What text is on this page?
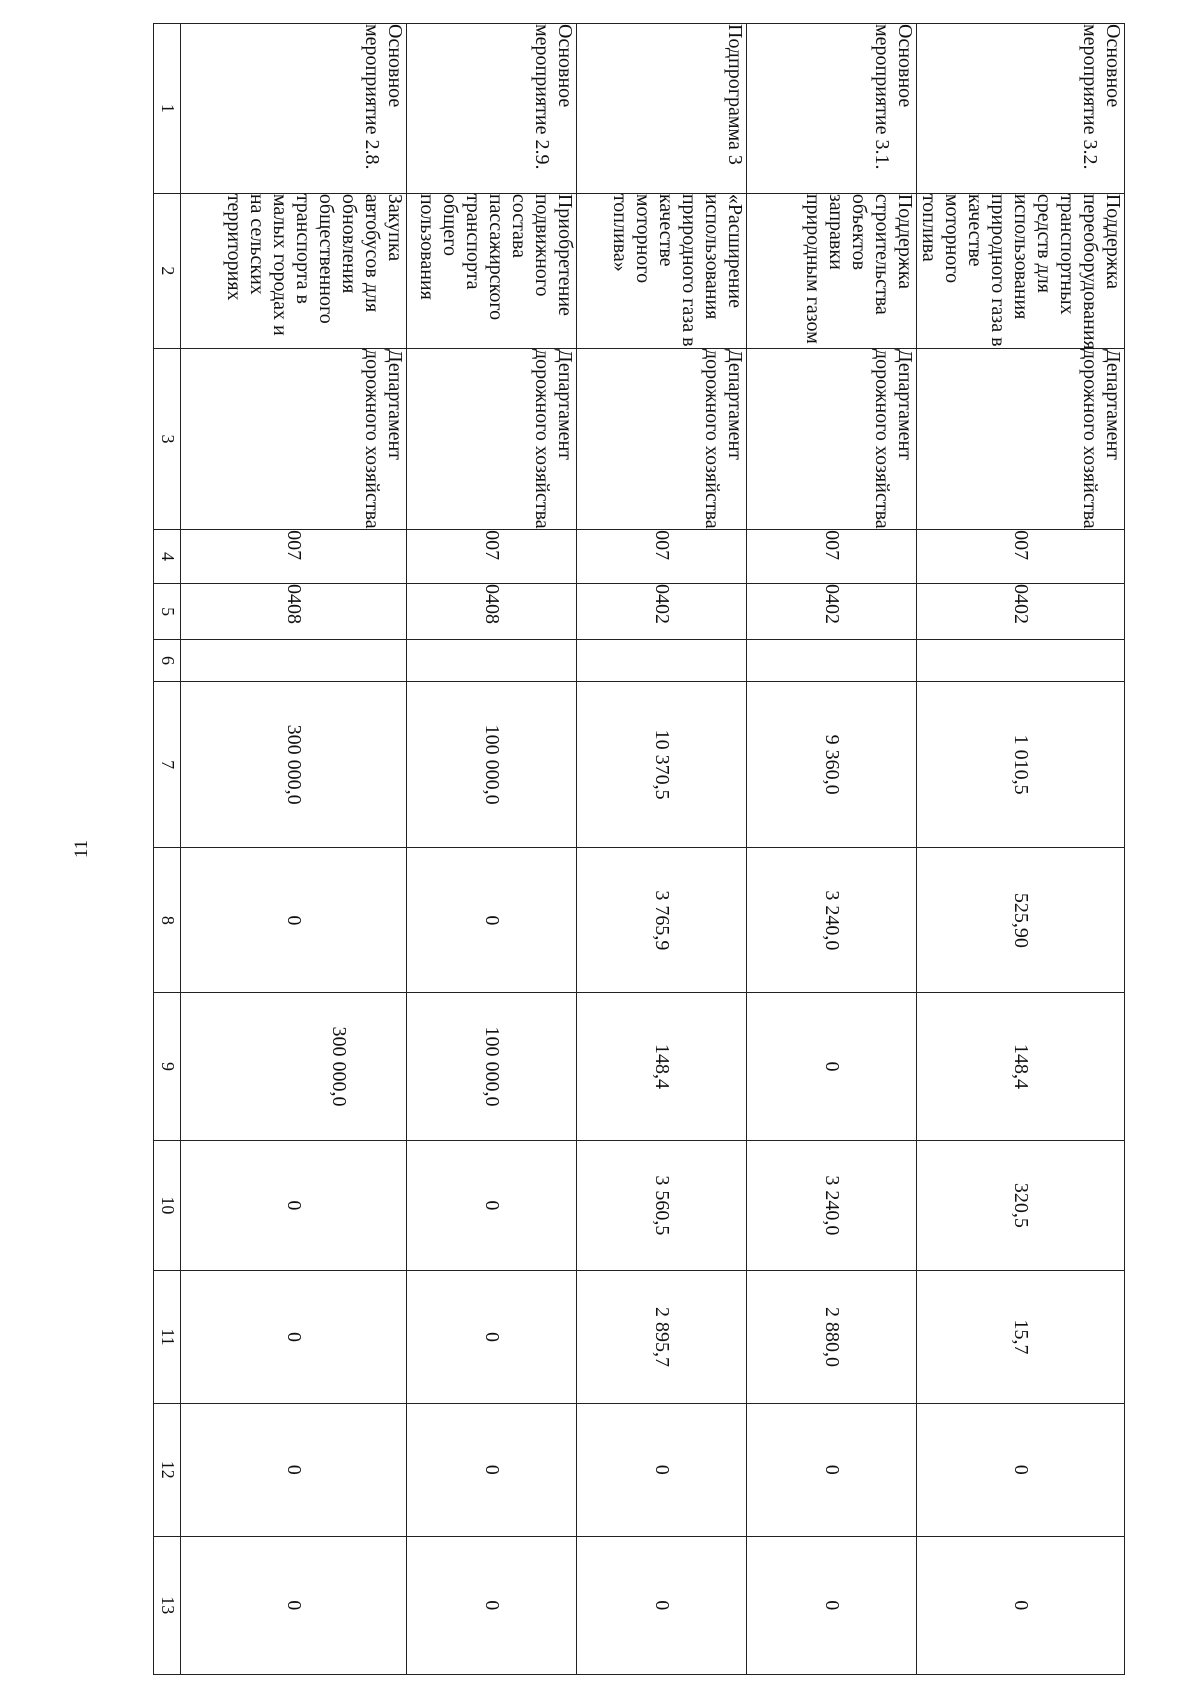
11
1	2	3	4	5	6	7	8	9	10	11	12	13
Основное мероприятие 2.8.	Закупка автобусов для обновления общественного транспорта в малых городах и на сельских территориях	Департамент дорожного хозяйства	007	0408		300 000,0	0	300 000,0	0	0	0	0
Основное мероприятие 2.9.	Приобретение подвижного состава пассажирского транспорта общего пользования	Департамент дорожного хозяйства	007	0408		100 000,0	0	100 000,0	0	0	0	0
Подпрограмма 3	«Расширение использования природного газа в качестве моторного топлива»	Департамент дорожного хозяйства	007	0402		10 370,5	3 765,9	148,4	3 560,5	2 895,7	0	0
Основное мероприятие 3.1.	Поддержка строительства объектов заправки природным газом	Департамент дорожного хозяйства	007	0402		9 360,0	3 240,0	0	3 240,0	2 880,0	0	0
Основное мероприятие 3.2.	Поддержка переоборудования транспортных средств для использования природного газа в качестве моторного топлива	Департамент дорожного хозяйства	007	0402		1 010,5	525,90	148,4	320,5	15,7	0	0
